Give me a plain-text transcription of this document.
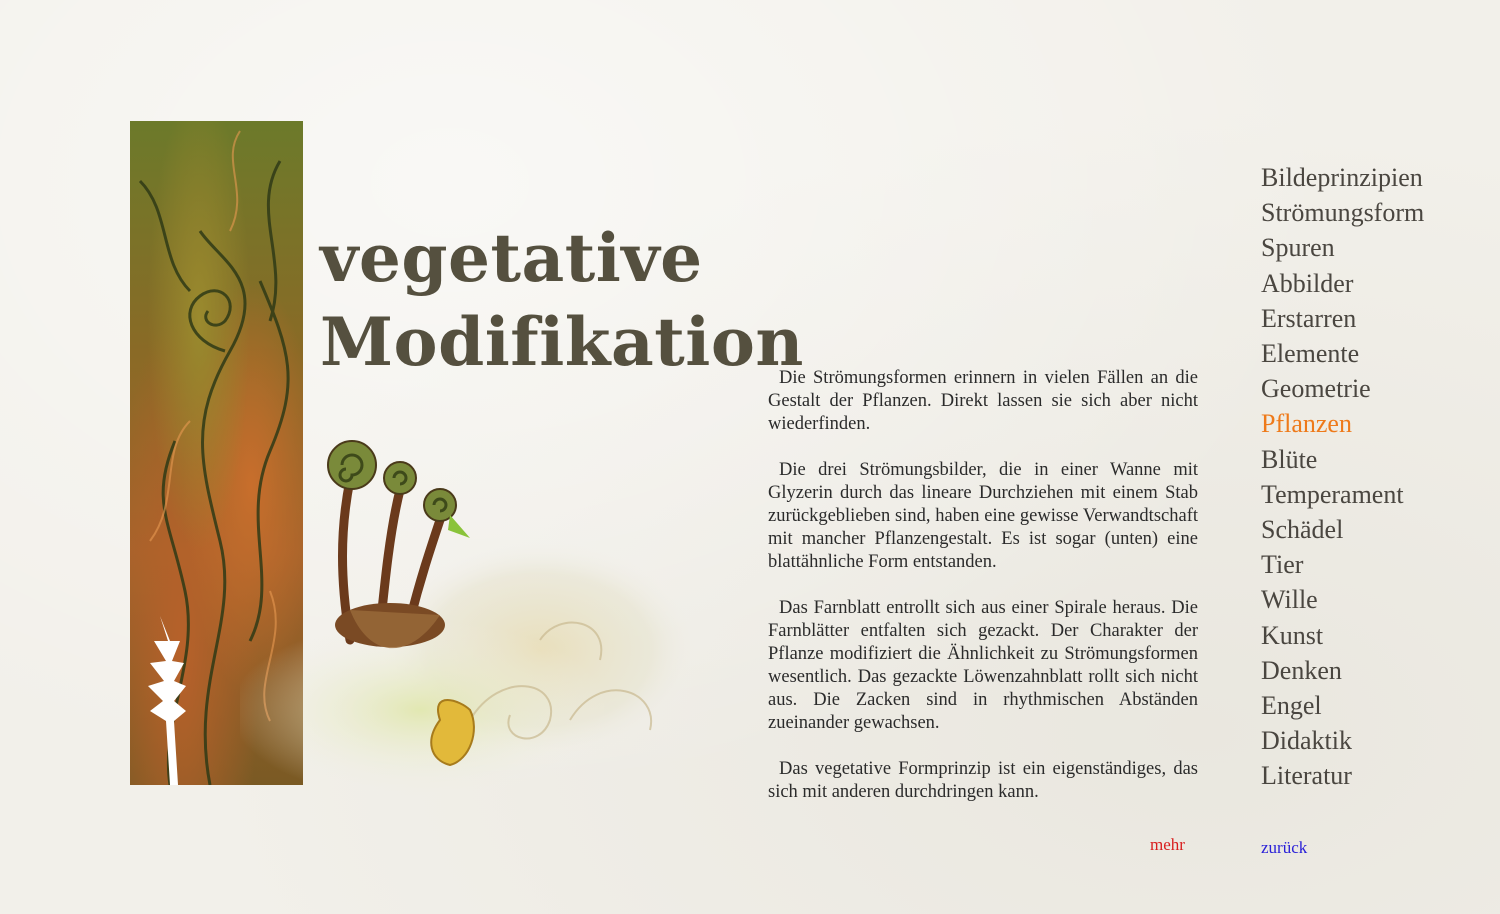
vegetative
Modifikation

Die Strömungsformen erinnern in vielen Fällen an die Gestalt der Pflanzen. Direkt lassen sie sich aber nicht wiederfinden.

Die drei Strömungsbilder, die in einer Wanne mit Glyzerin durch das lineare Durchziehen mit einem Stab zurückgeblieben sind, haben eine gewisse Verwandtschaft mit mancher Pflanzengestalt. Es ist sogar (unten) eine blattähnliche Form entstanden.

Das Farnblatt entrollt sich aus einer Spirale heraus. Die Farnblätter entfalten sich gezackt. Der Charakter der Pflanze modifiziert die Ähnlichkeit zu Strömungsformen wesentlich. Das gezackte Löwenzahnblatt rollt sich nicht aus. Die Zacken sind in rhythmischen Abständen zueinander gewachsen.

Das vegetative Formprinzip ist ein eigenständiges, das sich mit anderen durchdringen kann.

mehr
Bildeprinzipien
Strömungsform
Spuren
Abbilder
Erstarren
Elemente
Geometrie
Pflanzen
Blüte
Temperament
Schädel
Tier
Wille
Kunst
Denken
Engel
Didaktik
Literatur
zurück
